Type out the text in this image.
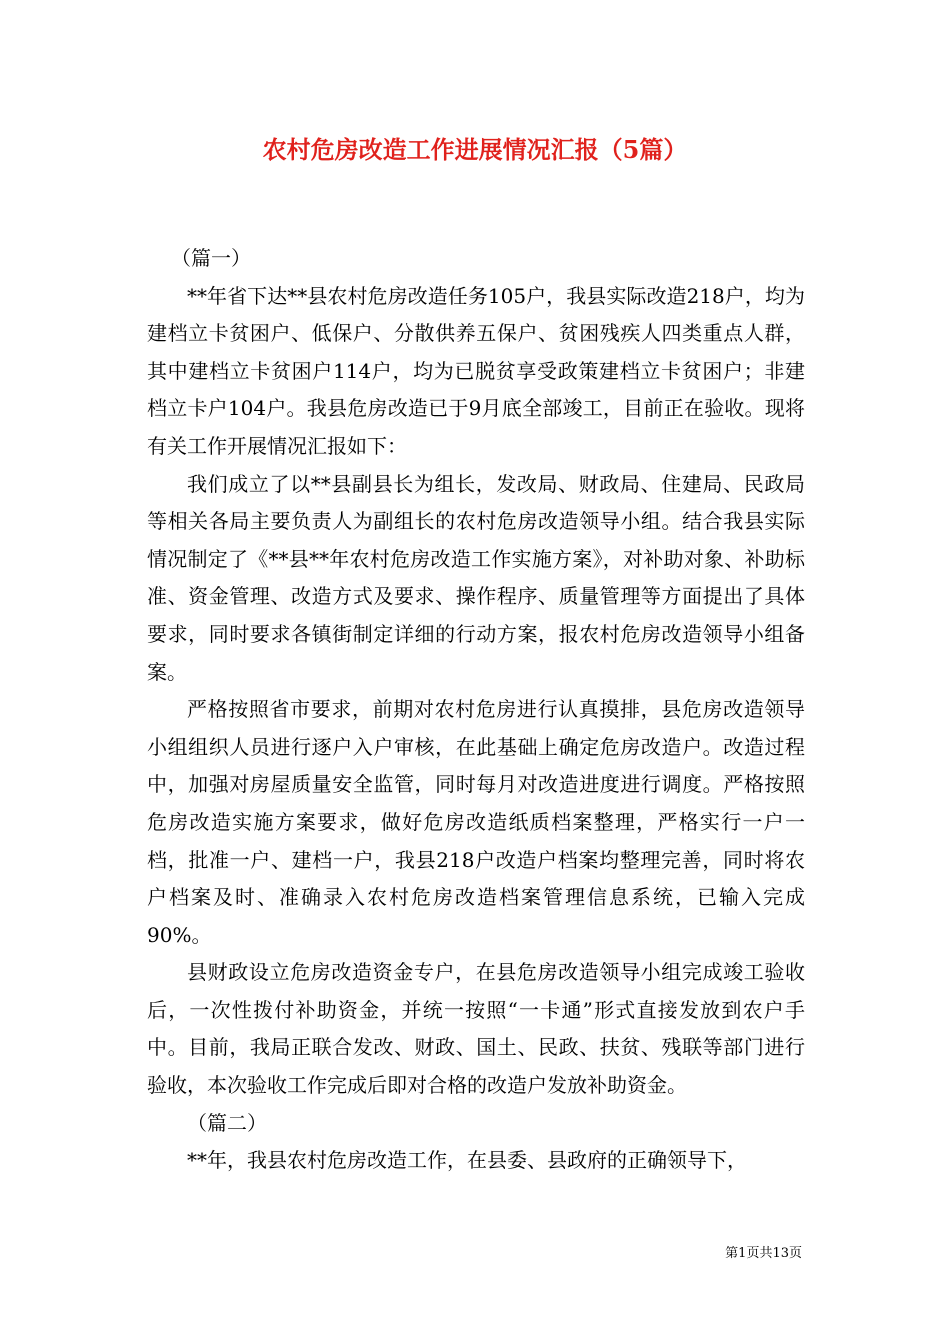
农村危房改造工作进展情况汇报（5篇）

（篇一）

**年省下达**县农村危房改造任务105户，我县实际改造218户，均为建档立卡贫困户、低保户、分散供养五保户、贫困残疾人四类重点人群，其中建档立卡贫困户114户，均为已脱贫享受政策建档立卡贫困户；非建档立卡户104户。我县危房改造已于9月底全部竣工，目前正在验收。现将有关工作开展情况汇报如下：

我们成立了以**县副县长为组长，发改局、财政局、住建局、民政局等相关各局主要负责人为副组长的农村危房改造领导小组。结合我县实际情况制定了《**县**年农村危房改造工作实施方案》，对补助对象、补助标准、资金管理、改造方式及要求、操作程序、质量管理等方面提出了具体要求，同时要求各镇街制定详细的行动方案，报农村危房改造领导小组备案。

严格按照省市要求，前期对农村危房进行认真摸排，县危房改造领导小组组织人员进行逐户入户审核，在此基础上确定危房改造户。改造过程中，加强对房屋质量安全监管，同时每月对改造进度进行调度。严格按照危房改造实施方案要求，做好危房改造纸质档案整理，严格实行一户一档，批准一户、建档一户，我县218户改造户档案均整理完善，同时将农户档案及时、准确录入农村危房改造档案管理信息系统，已输入完成90%。

县财政设立危房改造资金专户，在县危房改造领导小组完成竣工验收后，一次性拨付补助资金，并统一按照“一卡通”形式直接发放到农户手中。目前，我局正联合发改、财政、国土、民政、扶贫、残联等部门进行验收，本次验收工作完成后即对合格的改造户发放补助资金。

（篇二）

**年，我县农村危房改造工作，在县委、县政府的正确领导下，

第1页共13页
